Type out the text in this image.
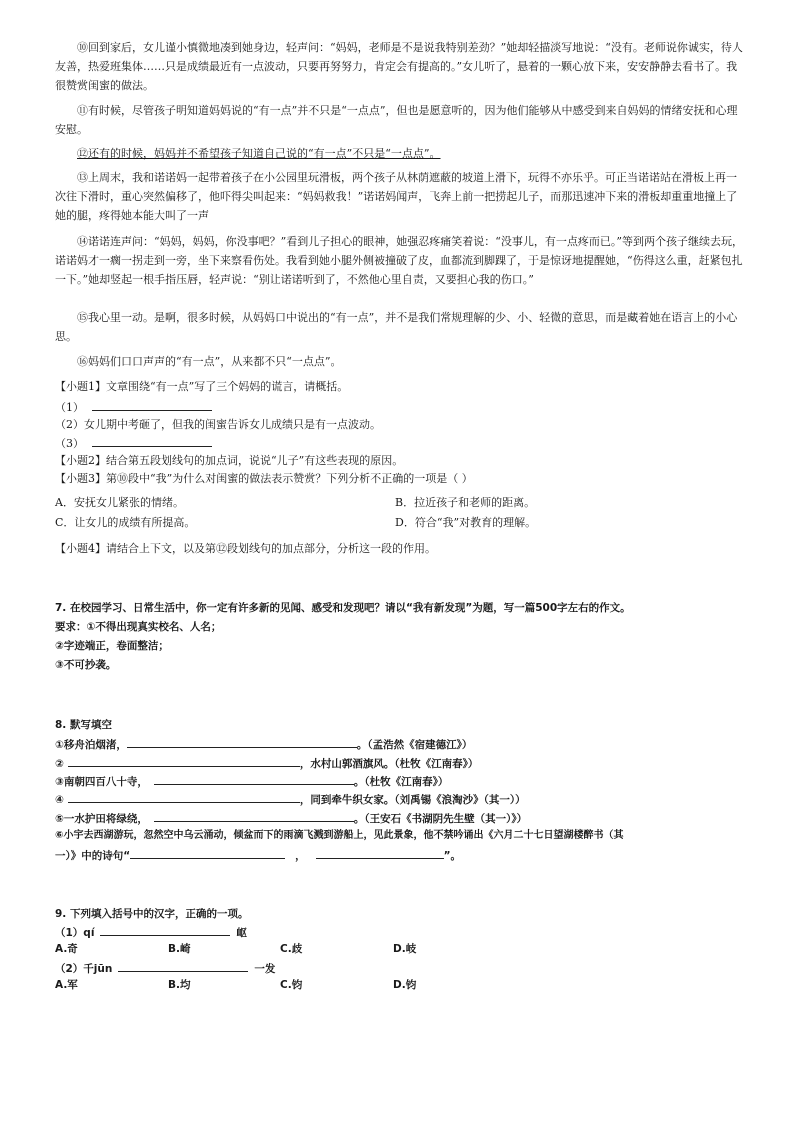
⑩回到家后，女儿谨小慎微地凑到她身边，轻声问：“妈妈，老师是不是说我特别差劲？”她却轻描淡写地说：“没有。老师说你诚实，待人友善，热爱班集体……只是成绩最近有一点波动，只要再努努力，肯定会有提高的。”女儿听了，悬着的一颗心放下来，安安静静去看书了。我很赞赏闺蜜的做法。

⑪有时候，尽管孩子明知道妈妈说的“有一点”并不只是“一点点”，但也是愿意听的，因为他们能够从中感受到来自妈妈的情绪安抚和心理安慰。

⑫还有的时候，妈妈并不希望孩子知道自己说的“有一点”不只是“一点点”。

⑬上周末，我和诺诺妈一起带着孩子在小公园里玩滑板，两个孩子从林荫遮蔽的坡道上滑下，玩得不亦乐乎。可正当诺诺站在滑板上再一次往下滑时，重心突然偏移了，他吓得尖叫起来：“妈妈救我！”诺诺妈闻声，飞奔上前一把捞起儿子，而那迅速冲下来的滑板却重重地撞上了她的腿，疼得她本能大叫了一声

⑭诺诺连声问：“妈妈，妈妈，你没事吧？”看到儿子担心的眼神，她强忍疼痛笑着说：“没事儿，有一点疼而已。”等到两个孩子继续去玩，诺诺妈才一瘸一拐走到一旁，坐下来察看伤处。我看到她小腿外侧被撞破了皮，血都流到脚踝了，于是惊讶地提醒她，“伤得这么重，赶紧包扎一下。”她却竖起一根手指压唇，轻声说：“别让诺诺听到了，不然他心里自责，又要担心我的伤口。”

⑮我心里一动。是啊，很多时候，从妈妈口中说出的“有一点”，并不是我们常规理解的少、小、轻微的意思，而是藏着她在语言上的小心思。

⑯妈妈们口口声声的“有一点”，从来都不只“一点点”。

【小题1】文章围绕“有一点”写了三个妈妈的谎言，请概括。
（1）
（2）女儿期中考砸了，但我的闺蜜告诉女儿成绩只是有一点波动。
（3）
【小题2】结合第五段划线句的加点词，说说“儿子”有这些表现的原因。
【小题3】第⑩段中“我”为什么对闺蜜的做法表示赞赏？下列分析不正确的一项是（ ）
A．安抚女儿紧张的情绪。	B．拉近孩子和老师的距离。
C．让女儿的成绩有所提高。	D．符合“我”对教育的理解。
【小题4】请结合上下文，以及第⑫段划线句的加点部分，分析这一段的作用。
7. 在校园学习、日常生活中，你一定有许多新的见闻、感受和发现吧？请以“我有新发现”为题，写一篇500字左右的作文。
要求：①不得出现真实校名、人名；
②字迹端正，卷面整洁；
③不可抄袭。
8. 默写填空
①移舟泊烟渚，	。（孟浩然《宿建德江》）
②	，水村山郭酒旗风。（杜牧《江南春》）
③南朝四百八十寺，	。（杜牧《江南春》）
④	，同到牵牛织女家。（刘禹锡《浪淘沙》（其一））
⑤一水护田将绿绕，	。（王安石《书湖阴先生壁（其一）》）
⑥小宇去西湖游玩，忽然空中乌云涌动，倾盆而下的雨滴飞溅到游船上，见此景象，他不禁吟诵出《六月二十七日望湖楼醉书（其
一）》中的诗句“	，	”。
9. 下列填入括号中的汉字，正确的一项。
（1）qí	岖
A.奇	B.崎	C.歧	D.岐
（2）千jūn	一发
A.军	B.均	C.钧	D.钧
